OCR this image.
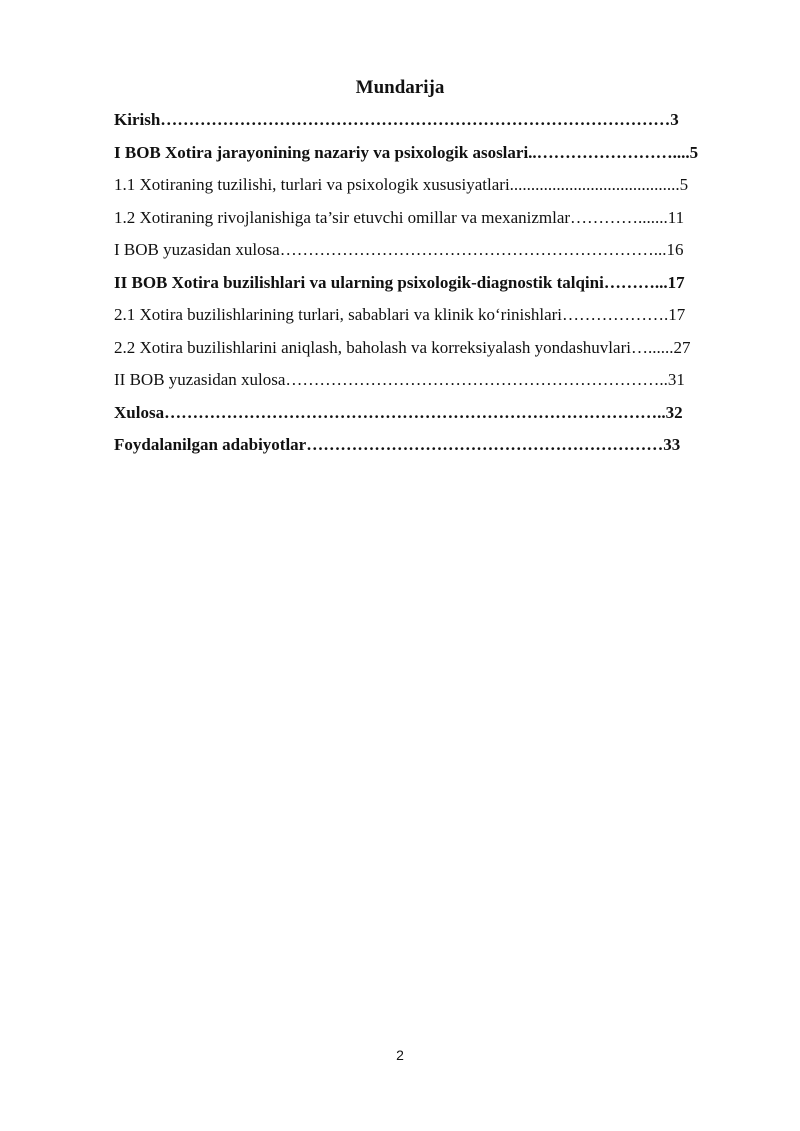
Mundarija
Kirish………………………………………………………………………………3
I BOB Xotira jarayonining nazariy va psixologik asoslari..……………………....5
1.1 Xotiraning tuzilishi, turlari va psixologik xususiyatlari........................................5
1.2 Xotiraning rivojlanishiga ta’sir etuvchi omillar va mexanizmlar………….......11
I BOB yuzasidan xulosa…………………………………………………………...16
II BOB Xotira buzilishlari va ularning psixologik-diagnostik talqini………...17
2.1 Xotira buzilishlarining turlari, sabablari va klinik koʻrinishlari……………….17
2.2 Xotira buzilishlarini aniqlash, baholash va korreksiyalash yondashuvlari…......27
II BOB yuzasidan xulosa…………………………………………………………..31
Xulosa……………………………………………………………………………..32
Foydalanilgan adabiyotlar………………………………………………………33
2
